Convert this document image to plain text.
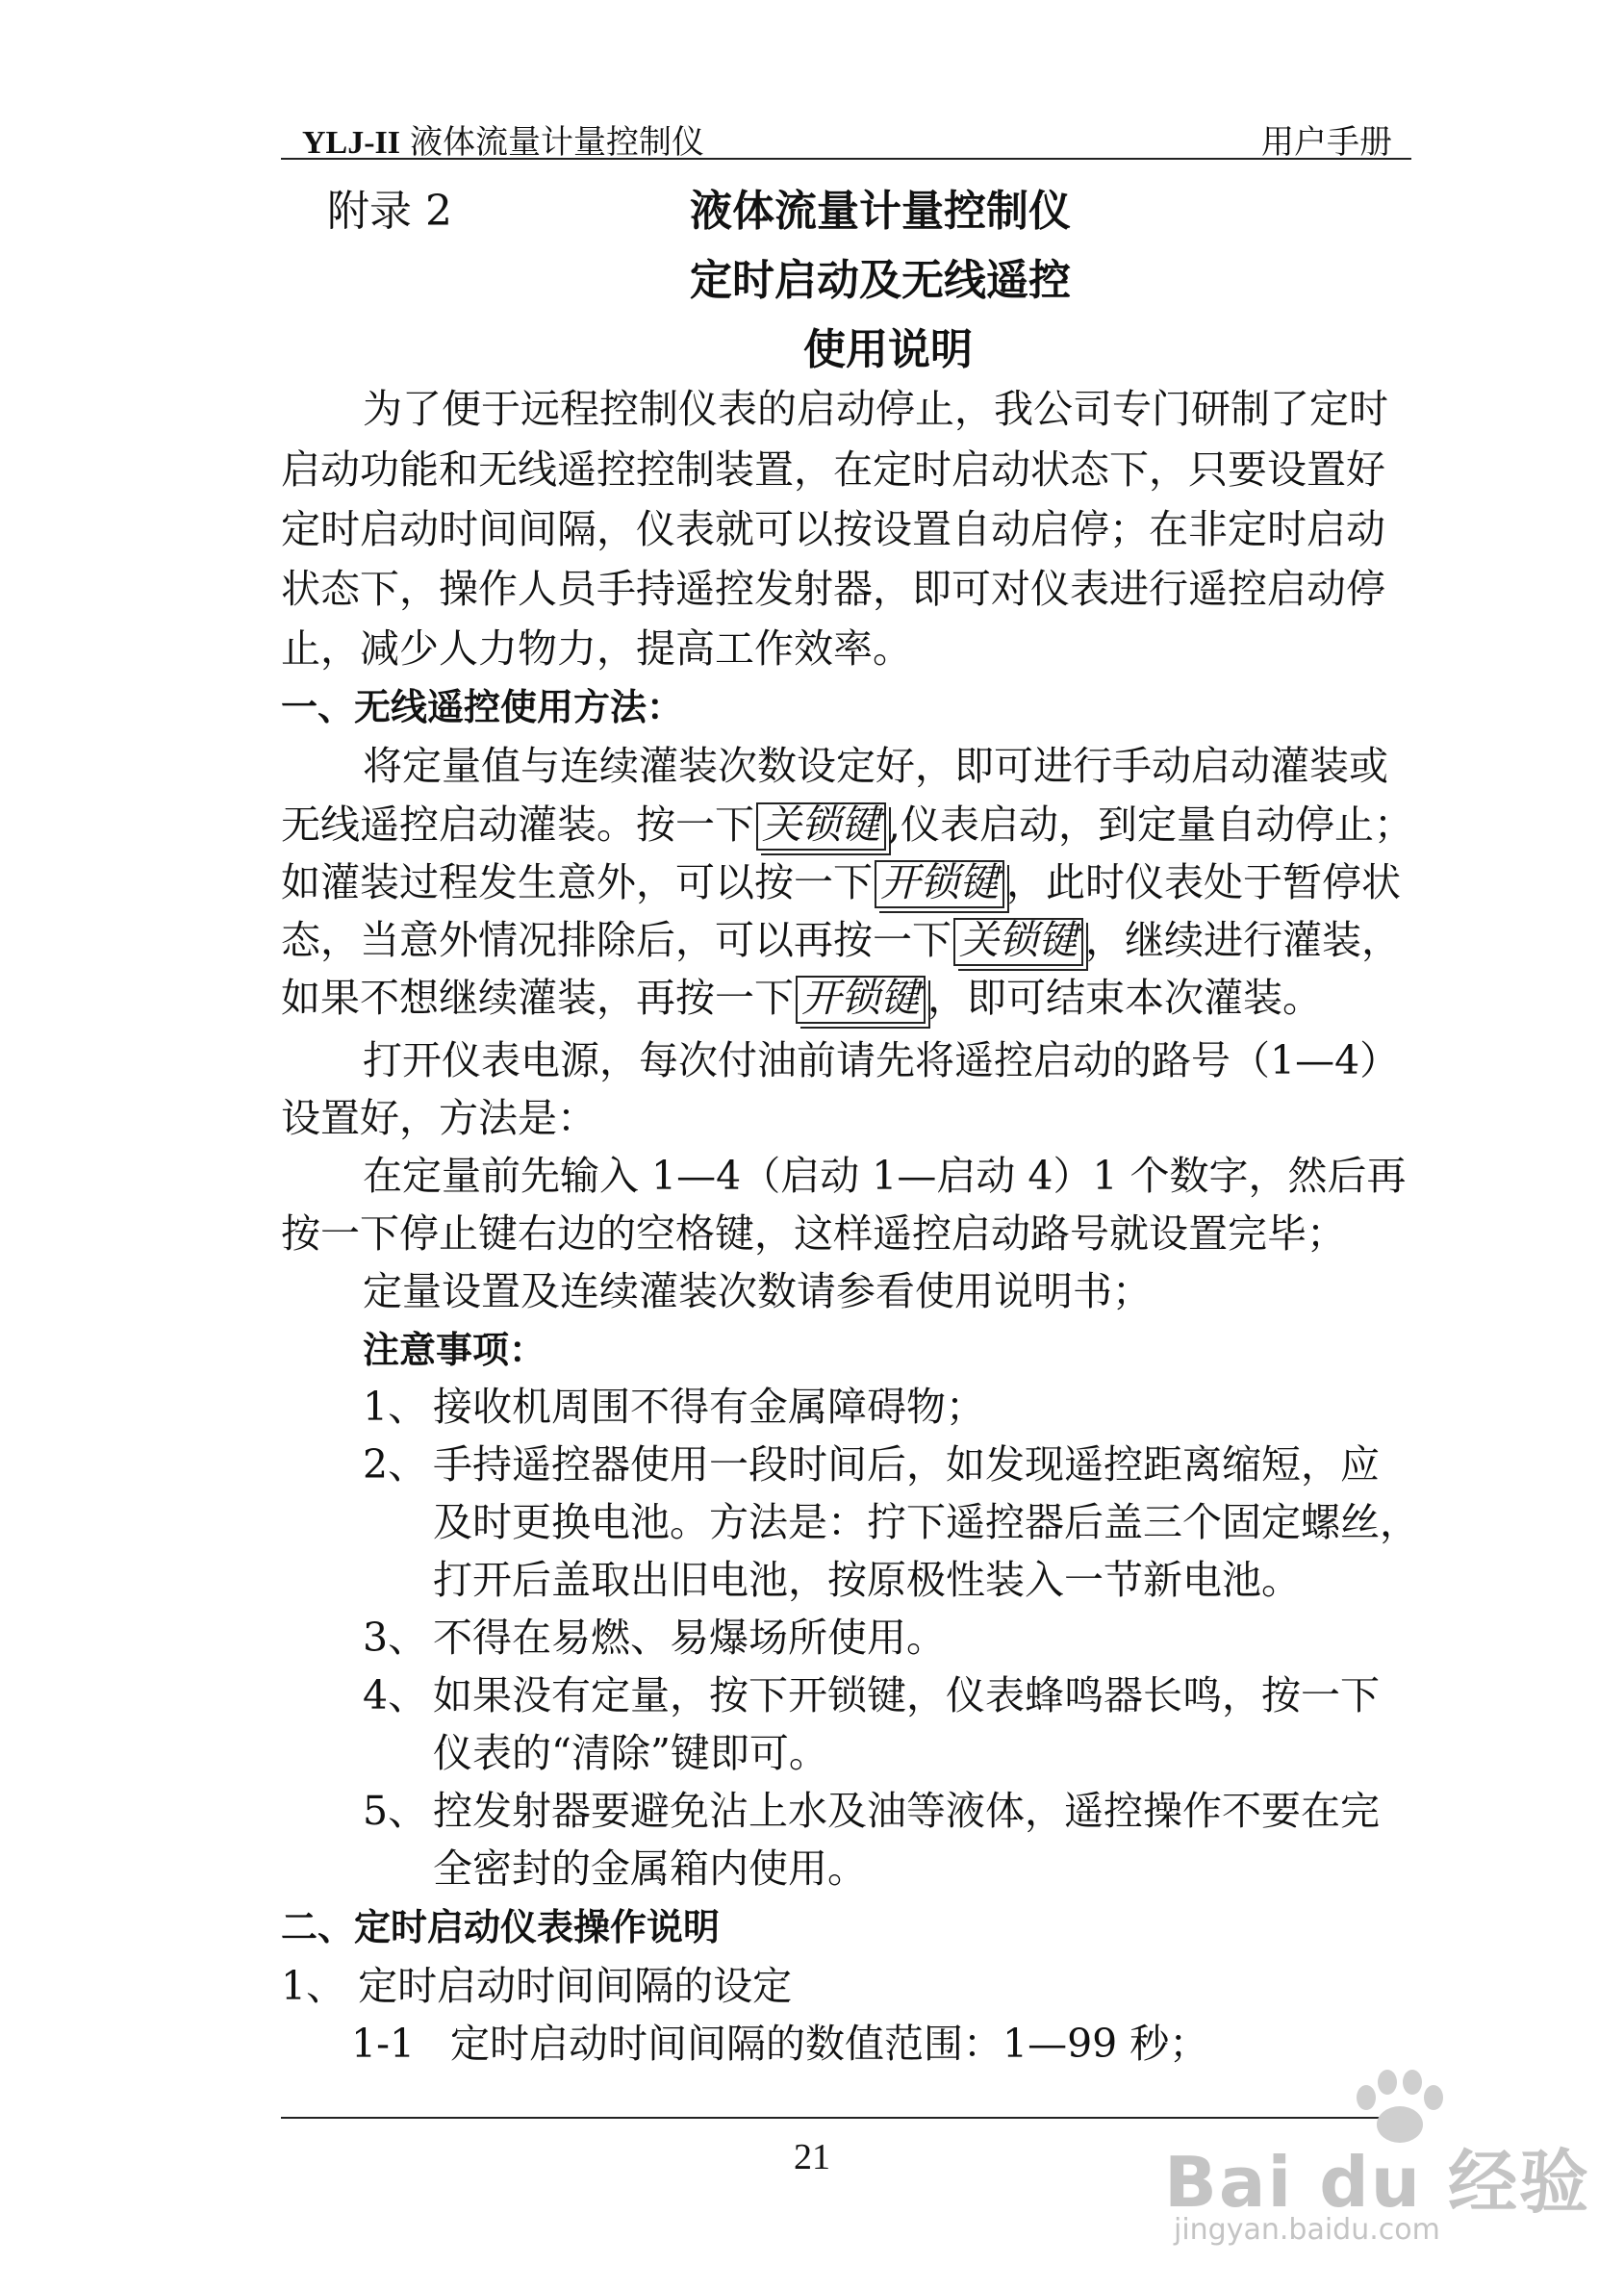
YLJ-II 液体流量计量控制仪	用户手册
附录 2	液体流量计量控制仪
定时启动及无线遥控
使用说明
为了便于远程控制仪表的启动停止，我公司专门研制了定时
启动功能和无线遥控控制装置，在定时启动状态下，只要设置好
定时启动时间间隔，仪表就可以按设置自动启停；在非定时启动
状态下，操作人员手持遥控发射器，即可对仪表进行遥控启动停
止，减少人力物力，提高工作效率。
一、无线遥控使用方法：
将定量值与连续灌装次数设定好，即可进行手动启动灌装或
无线遥控启动灌装。按一下 关锁键 ,仪表启动，到定量自动停止；
如灌装过程发生意外，可以按一下 开锁键 ，此时仪表处于暂停状
态，当意外情况排除后，可以再按一下 关锁键 ，继续进行灌装，
如果不想继续灌装，再按一下 开锁键 ，即可结束本次灌装。
打开仪表电源，每次付油前请先将遥控启动的路号（1—4）
设置好，方法是：
在定量前先输入 1—4（启动 1—启动 4）1 个数字，然后再
按一下停止键右边的空格键，这样遥控启动路号就设置完毕；
定量设置及连续灌装次数请参看使用说明书；
注意事项：
1、 接收机周围不得有金属障碍物；
2、 手持遥控器使用一段时间后，如发现遥控距离缩短，应
及时更换电池。方法是：拧下遥控器后盖三个固定螺丝，
打开后盖取出旧电池，按原极性装入一节新电池。
3、 不得在易燃、易爆场所使用。
4、 如果没有定量，按下开锁键，仪表蜂鸣器长鸣，按一下
仪表的“清除”键即可。
5、 控发射器要避免沾上水及油等液体，遥控操作不要在完
全密封的金属箱内使用。
二、定时启动仪表操作说明
1、 定时启动时间间隔的设定
1-1 定时启动时间间隔的数值范围：1—99 秒；
21	Bai du 经验
jingyan.baidu.com
